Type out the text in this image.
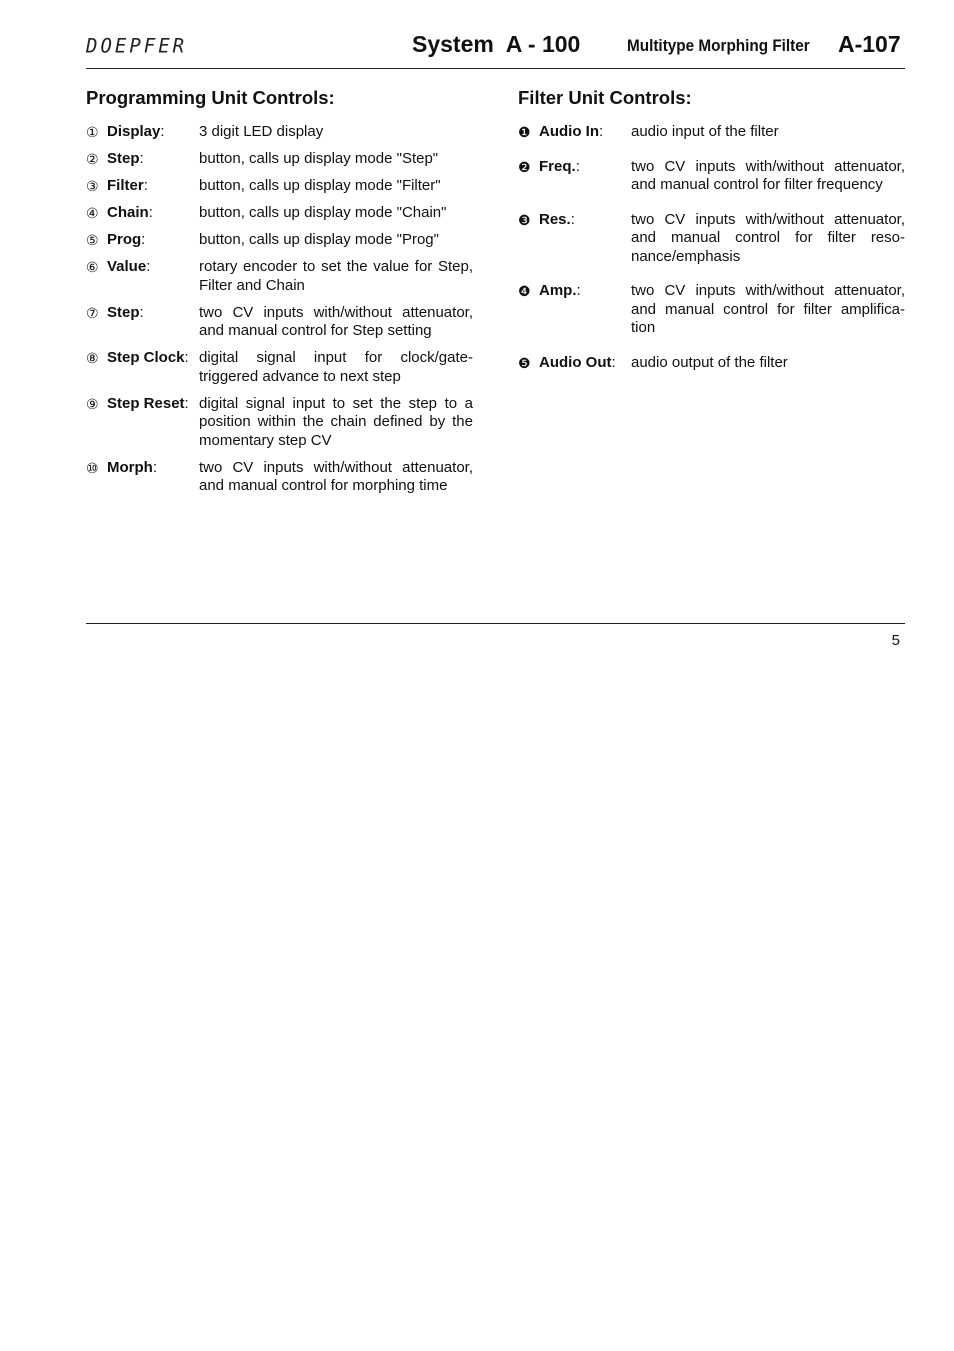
DOEPFER	System  A - 100	Multitype Morphing Filter A-107
Programming Unit Controls:
① Display:	3 digit LED display
② Step:	button, calls up display mode "Step"
③ Filter:	button, calls up display mode "Filter"
④ Chain:	button, calls up display mode "Chain"
⑤ Prog:	button, calls up display mode "Prog"
⑥ Value:	rotary encoder to set the value for Step, Filter and Chain
⑦ Step:	two CV inputs with/without attenuator, and manual control for Step setting
⑧ Step Clock: digital signal input for clock/gate-triggered advance to next step
⑨ Step Reset: digital signal input to set the step to a position within the chain defined by the momentary step CV
⑩ Morph:	two CV inputs with/without attenuator, and manual control for morphing time
Filter Unit Controls:
❶ Audio In:	audio input of the filter
❷ Freq.:	two CV inputs with/without attenuator, and manual control for filter frequency
❸ Res.:	two CV inputs with/without attenuator, and manual control for filter reso-nance/emphasis
❹ Amp.:	two CV inputs with/without attenuator, and manual control for filter amplifica-tion
❺ Audio Out:	audio output of the filter
5
